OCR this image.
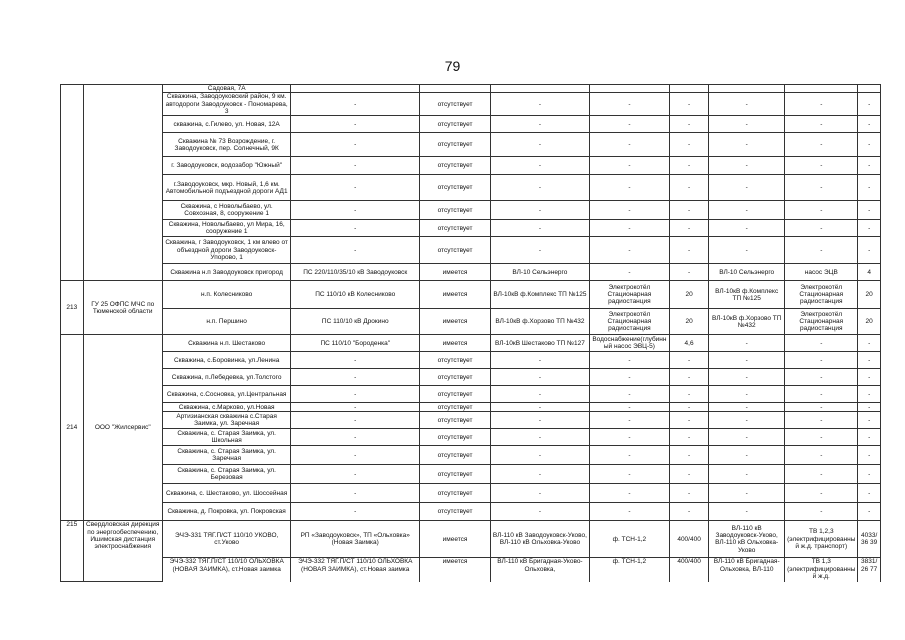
79
		Садовая, 7А								
		Скважина, Заводоуковский район, 9 км. автодороги Заводоуковск - Пономарева, 3	-	отсутствует	-	-	-	-	-	-
		скважина, с.Гилево, ул. Новая, 12А	-	отсутствует	-	-	-	-	-	-
		Скважина № 73 Возрождение, г. Заводоуковск, пер. Солнечный, 9К	-	отсутствует	-	-	-	-	-	-
		г. Заводоуковск, водозабор "Южный"	-	отсутствует	-	-	-	-	-	-
		г.Заводоуковск, мкр. Новый, 1,6 км. Автомобильной подъездной дороги АД1	-	отсутствует	-	-	-	-	-	-
		Скважина, с Новолыбаево, ул. Совхозная, 8, сооружение 1	-	отсутствует	-	-	-	-	-	-
		Скважина, Новолыбаево, ул Мира, 16, сооружение 1	-	отсутствует	-	-	-	-	-	-
		Скважина, г Заводоуковск, 1 км влево от объездной дороги Заводоуковск- Упорово, 1	-	отсутствует	-	-	-	-	-	-
		Скважина н.п Заводоуковск пригород	ПС 220/110/35/10 кВ Заводоуковск	имеется	ВЛ-10 Сельэнерго	-	-	ВЛ-10 Сельэнерго	насос ЭЦВ	4
213	ГУ 25 ОФПС МЧС по Тюменской области	н.п. Колесниково	ПС 110/10 кВ Колесниково	имеется	ВЛ-10кВ ф.Комплекс ТП №125	Электрокотёл Стационарная радиостанция	20	ВЛ-10кВ ф.Комплекс ТП №125	Электрокотёл Стационарная радиостанция	20
		н.п. Першино	ПС 110/10 кВ Дрокино	имеется	ВЛ-10кВ ф.Хорзово ТП №432	Электрокотёл Стационарная радиостанция	20	ВЛ-10кВ ф.Хорзово ТП №432	Электрокотёл Стационарная радиостанция	20
214	ООО "Жилсервис"	Скважина н.п. Шестаково	ПС 110/10 "Бороденка"	имеется	ВЛ-10кВ Шестаково ТП №127	Водоснабжение(глубинный насос ЭВЦ-5)	4,6	-	-	-
		Скважина, с.Боровинка, ул.Ленина	-	отсутствует	-	-	-	-	-	-
		Скважина, п.Лебедевка, ул.Толстого	-	отсутствует	-	-	-	-	-	-
		Скважина, с.Сосновка, ул.Центральная	-	отсутствует	-	-	-	-	-	-
		Скважина, с.Марково, ул.Новая	-	отсутствует	-	-	-	-	-	-
		Артизианская скважина с.Старая Заимка, ул. Заречная	-	отсутствует	-	-	-	-	-	-
		Скважина, с. Старая Заимка, ул. Школьная	-	отсутствует	-	-	-	-	-	-
		Скважина, с. Старая Заимка, ул. Заречная	-	отсутствует	-	-	-	-	-	-
		Скважина, с. Старая Заимка, ул. Березовая	-	отсутствует	-	-	-	-	-	-
		Скважина, с. Шестаково, ул. Шоссейная	-	отсутствует	-	-	-	-	-	-
		Скважина, д. Покровка, ул. Покровская	-	отсутствует	-	-	-	-	-	-
215	Свердловская дирекция по энергообеспечению, Ишимская дистанция электроснабжения	ЭЧЭ-331 ТЯГ.П/СТ 110/10 УКОВО, ст.Уково	РП «Заводоуковск», ТП «Ольховка» (Новая Заимка)	имеется	ВЛ-110 кВ Заводоуковск-Уково, ВЛ-110 кВ Ольховка-Уково	ф. ТСН-1,2	400/400	ВЛ-110 кВ Заводоуковск-Уково, ВЛ-110 кВ Ольховка-Уково	ТВ 1,2,3 (электрифицированный ж.д. транспорт)	4033/36 39
		ЭЧЭ-332 ТЯГ.П/СТ 110/10 ОЛЬХОВКА (НОВАЯ ЗАИМКА), ст.Новая заимка	ЭЧЭ-332 ТЯГ.П/СТ 110/10 ОЛЬХОВКА (НОВАЯ ЗАИМКА), ст.Новая заимка	имеется	ВЛ-110 кВ Бригадная-Уково-Ольховка,	ф. ТСН-1,2	400/400	ВЛ-110 кВ Бригадная-Ольховка, ВЛ-110	ТВ 1,3 (электрифицированный ж.д.	3831/26 77
